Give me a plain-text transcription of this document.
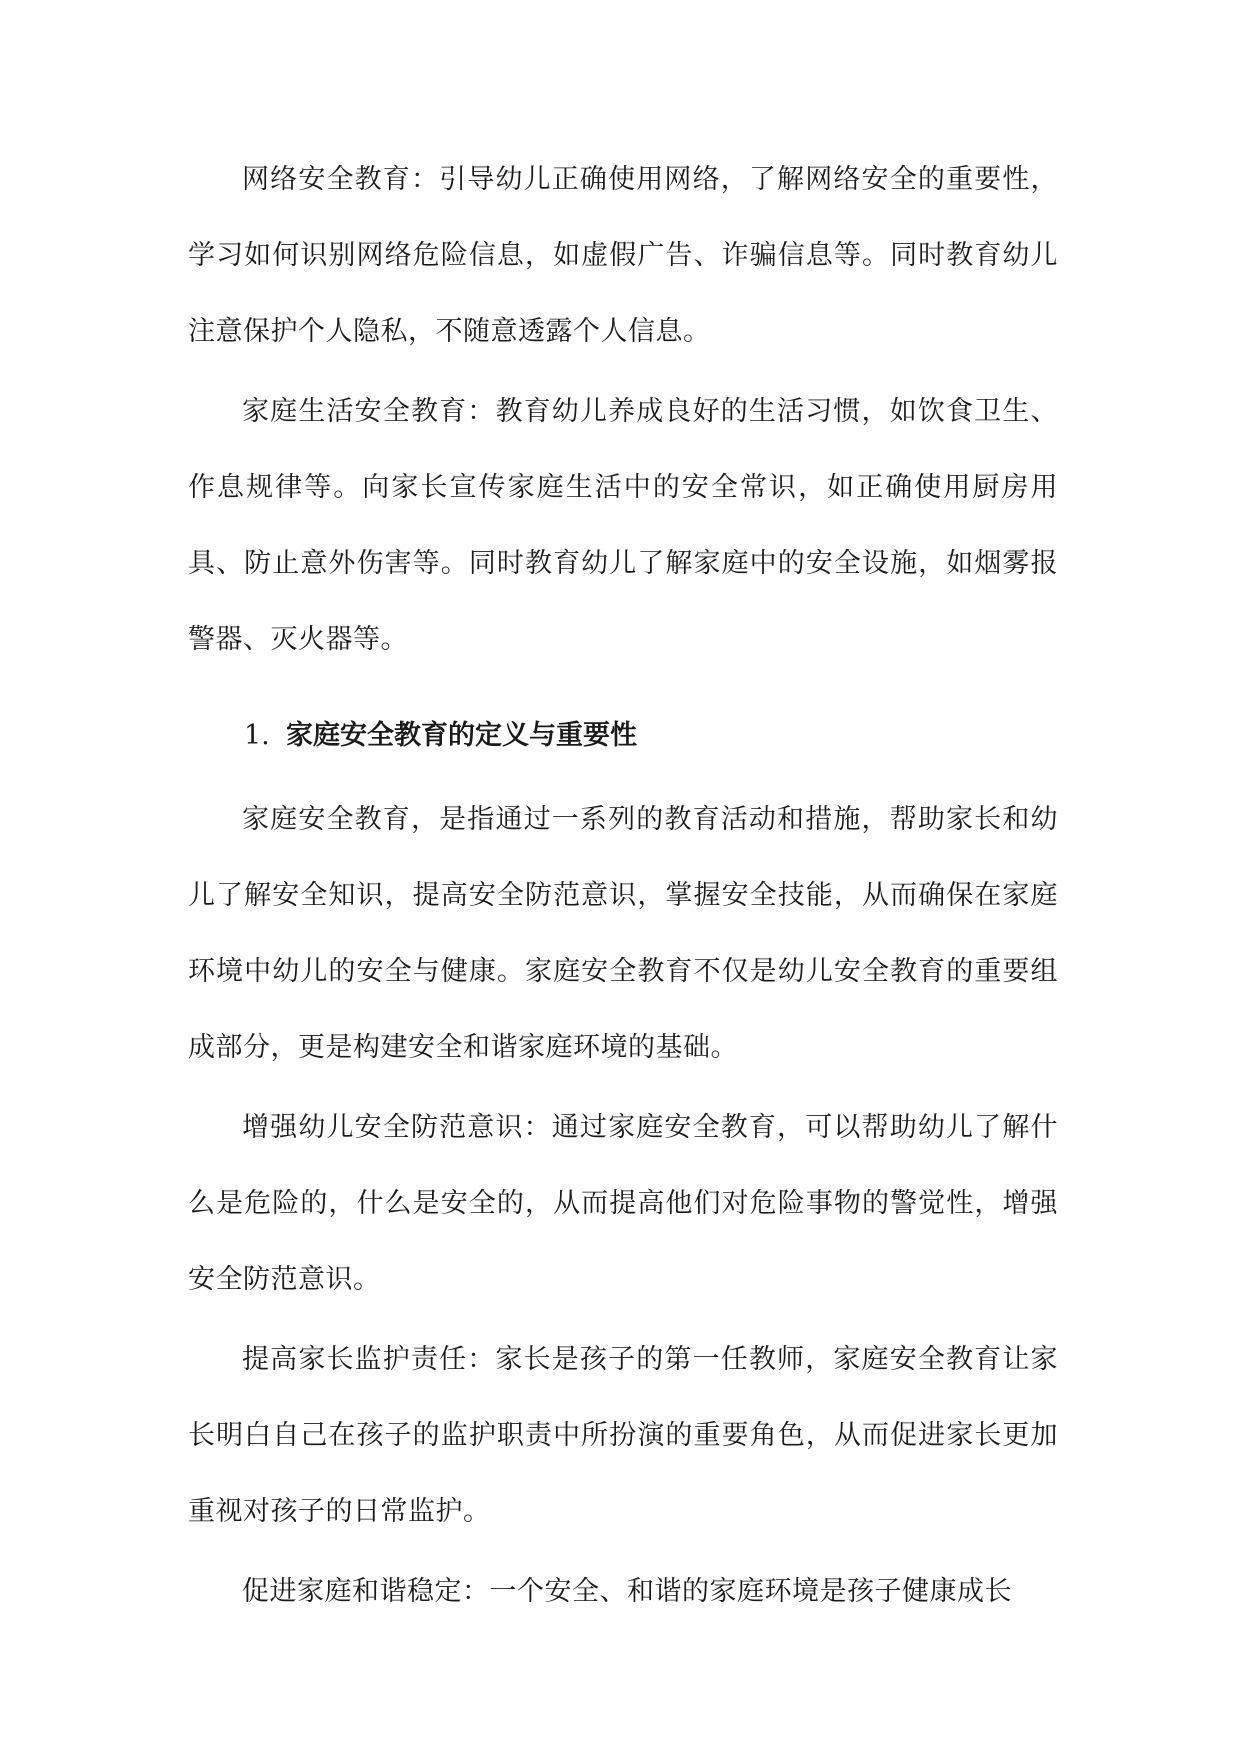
网络安全教育：引导幼儿正确使用网络，了解网络安全的重要性，学习如何识别网络危险信息，如虚假广告、诈骗信息等。同时教育幼儿注意保护个人隐私，不随意透露个人信息。

家庭生活安全教育：教育幼儿养成良好的生活习惯，如饮食卫生、作息规律等。向家长宣传家庭生活中的安全常识，如正确使用厨房用具、防止意外伤害等。同时教育幼儿了解家庭中的安全设施，如烟雾报警器、灭火器等。

1. 家庭安全教育的定义与重要性

家庭安全教育，是指通过一系列的教育活动和措施，帮助家长和幼儿了解安全知识，提高安全防范意识，掌握安全技能，从而确保在家庭环境中幼儿的安全与健康。家庭安全教育不仅是幼儿安全教育的重要组成部分，更是构建安全和谐家庭环境的基础。

增强幼儿安全防范意识：通过家庭安全教育，可以帮助幼儿了解什么是危险的，什么是安全的，从而提高他们对危险事物的警觉性，增强安全防范意识。

提高家长监护责任：家长是孩子的第一任教师，家庭安全教育让家长明白自己在孩子的监护职责中所扮演的重要角色，从而促进家长更加重视对孩子的日常监护。

促进家庭和谐稳定：一个安全、和谐的家庭环境是孩子健康成长
